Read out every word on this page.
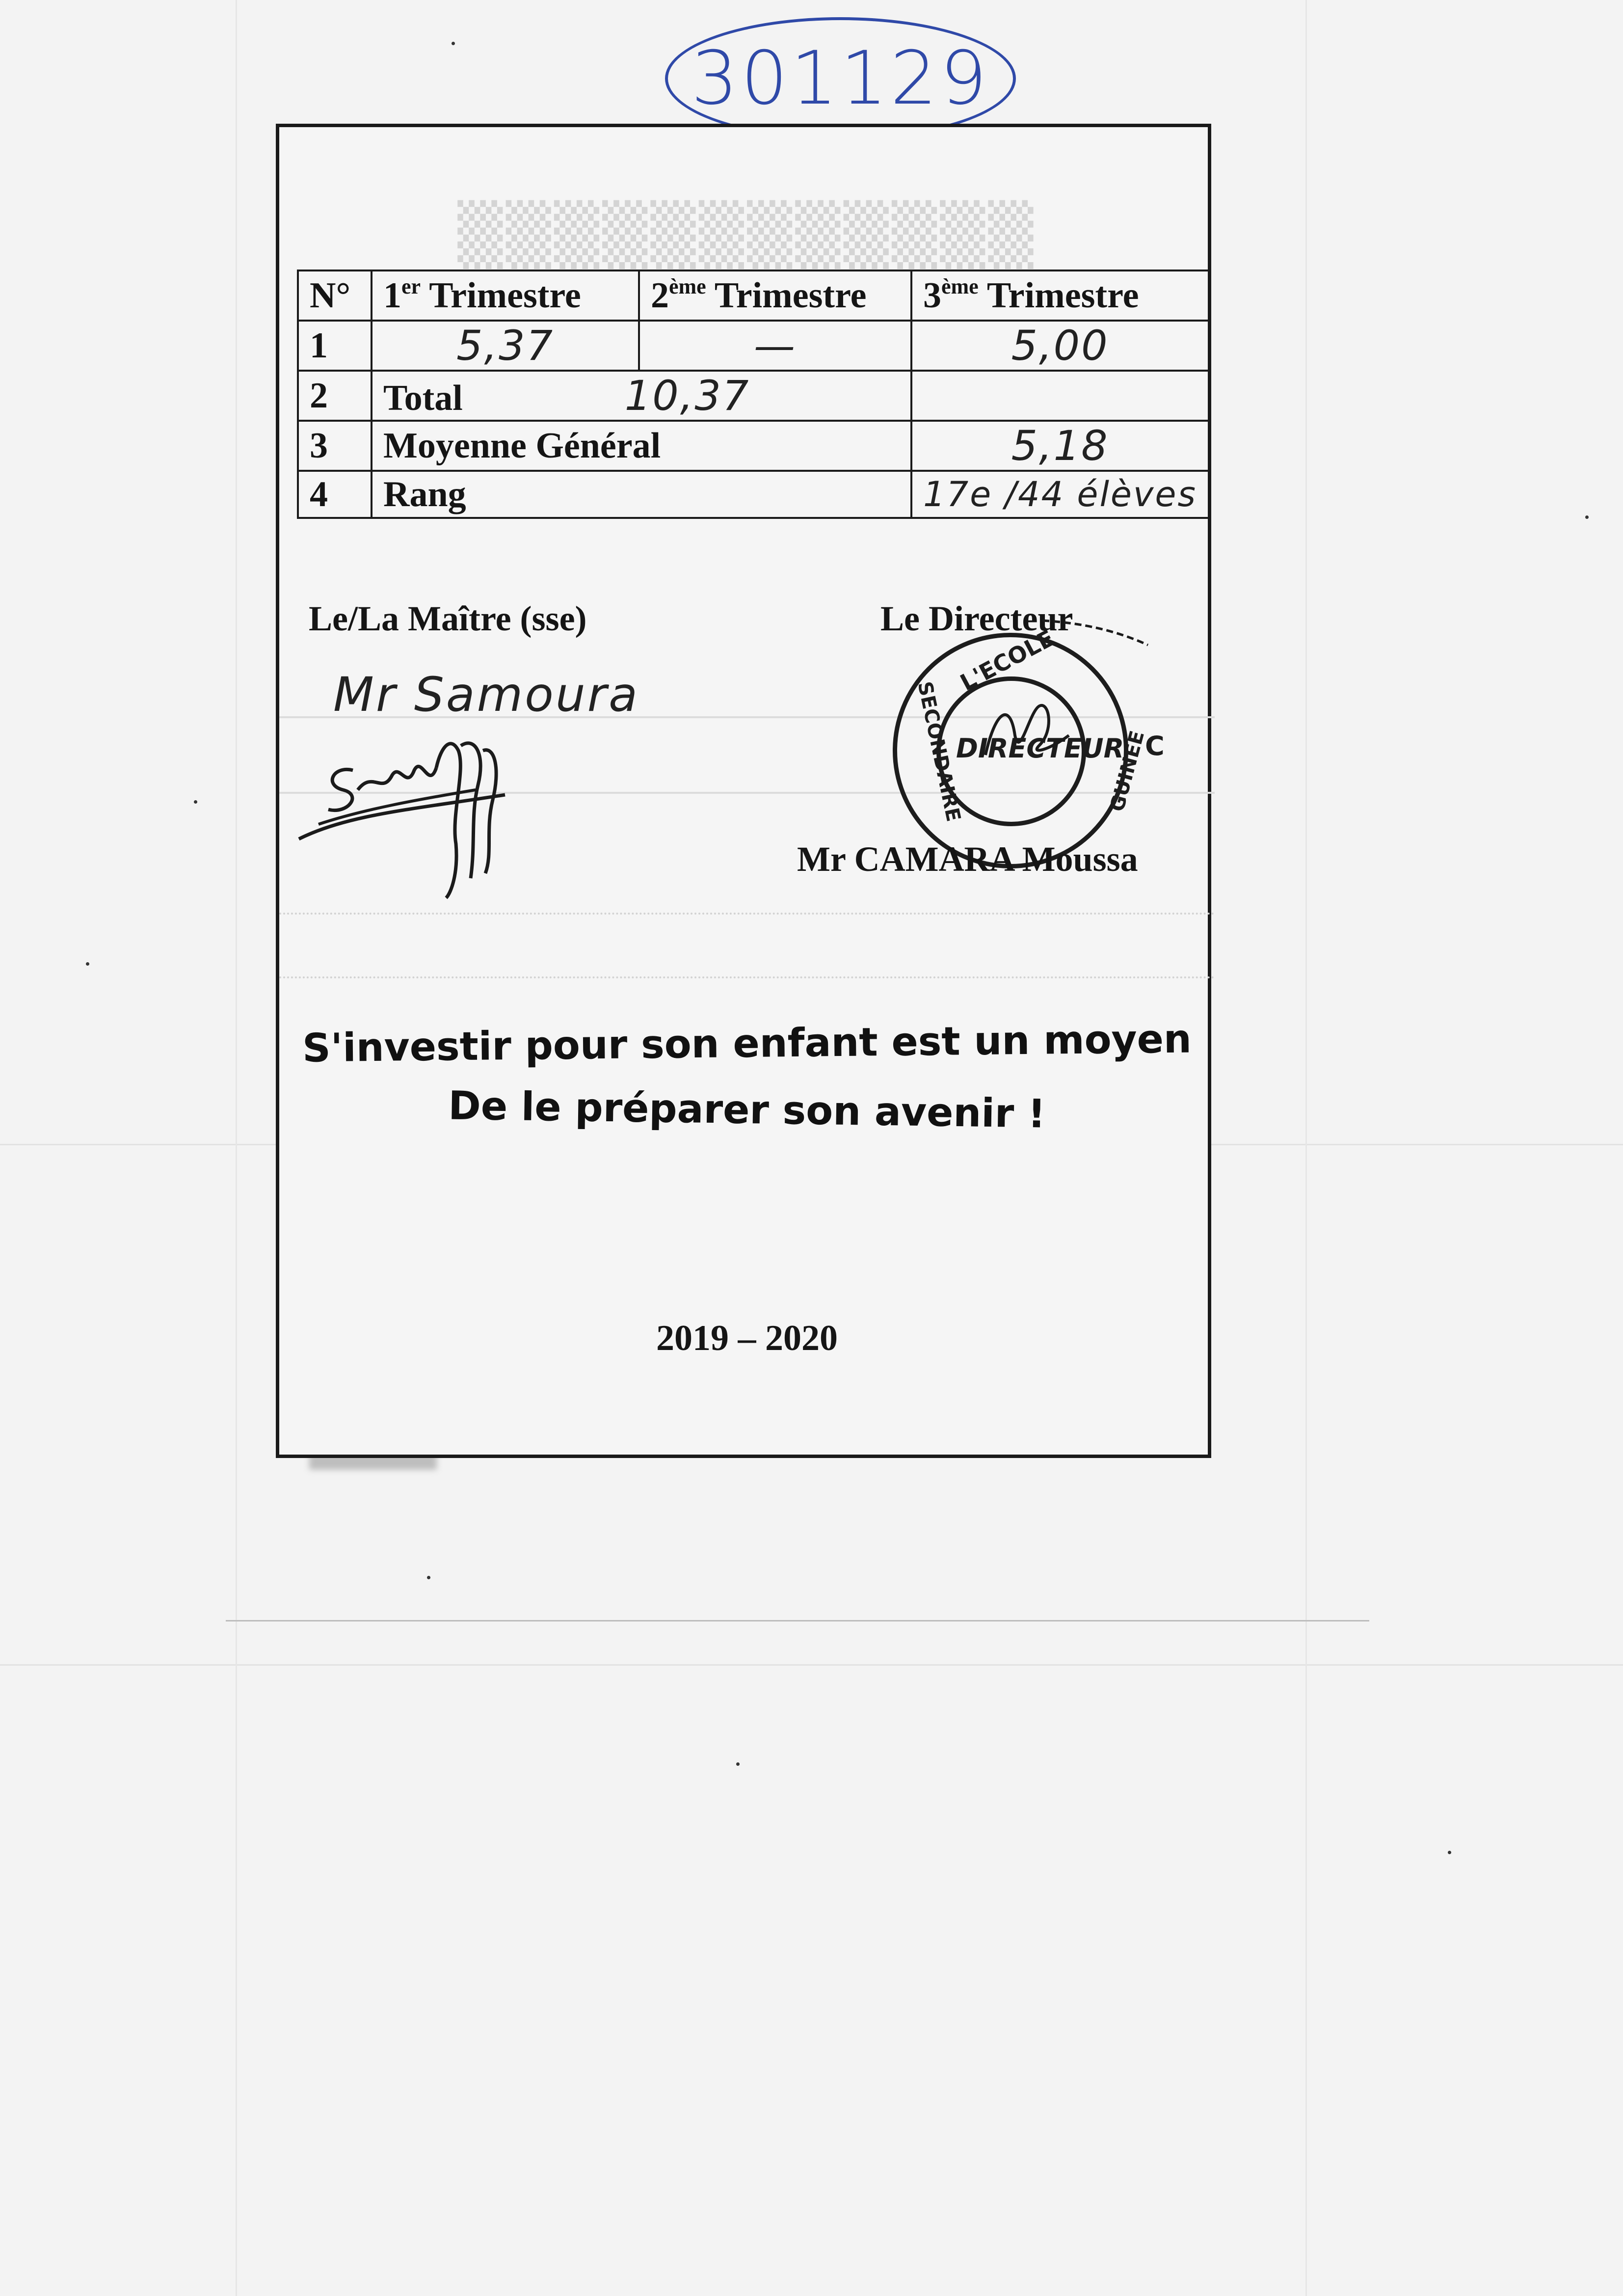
301129
▒▒▒▒▒▒▒▒▒▒▒▒
N°	1er Trimestre	2ème Trimestre	3ème Trimestre
1	5,37	—	5,00
2	Total 10,37		
3	Moyenne Général		5,18
4	Rang		17e /44 élèves
Le/La Maître (sse)
Mr Samoura
Le Directeur
L'ECOLE
SECONDAIRE	GUINEE
DIRECTEUR C
Mr CAMARA Moussa
S'investir pour son enfant est un moyen
De le préparer son avenir !
2019 – 2020
